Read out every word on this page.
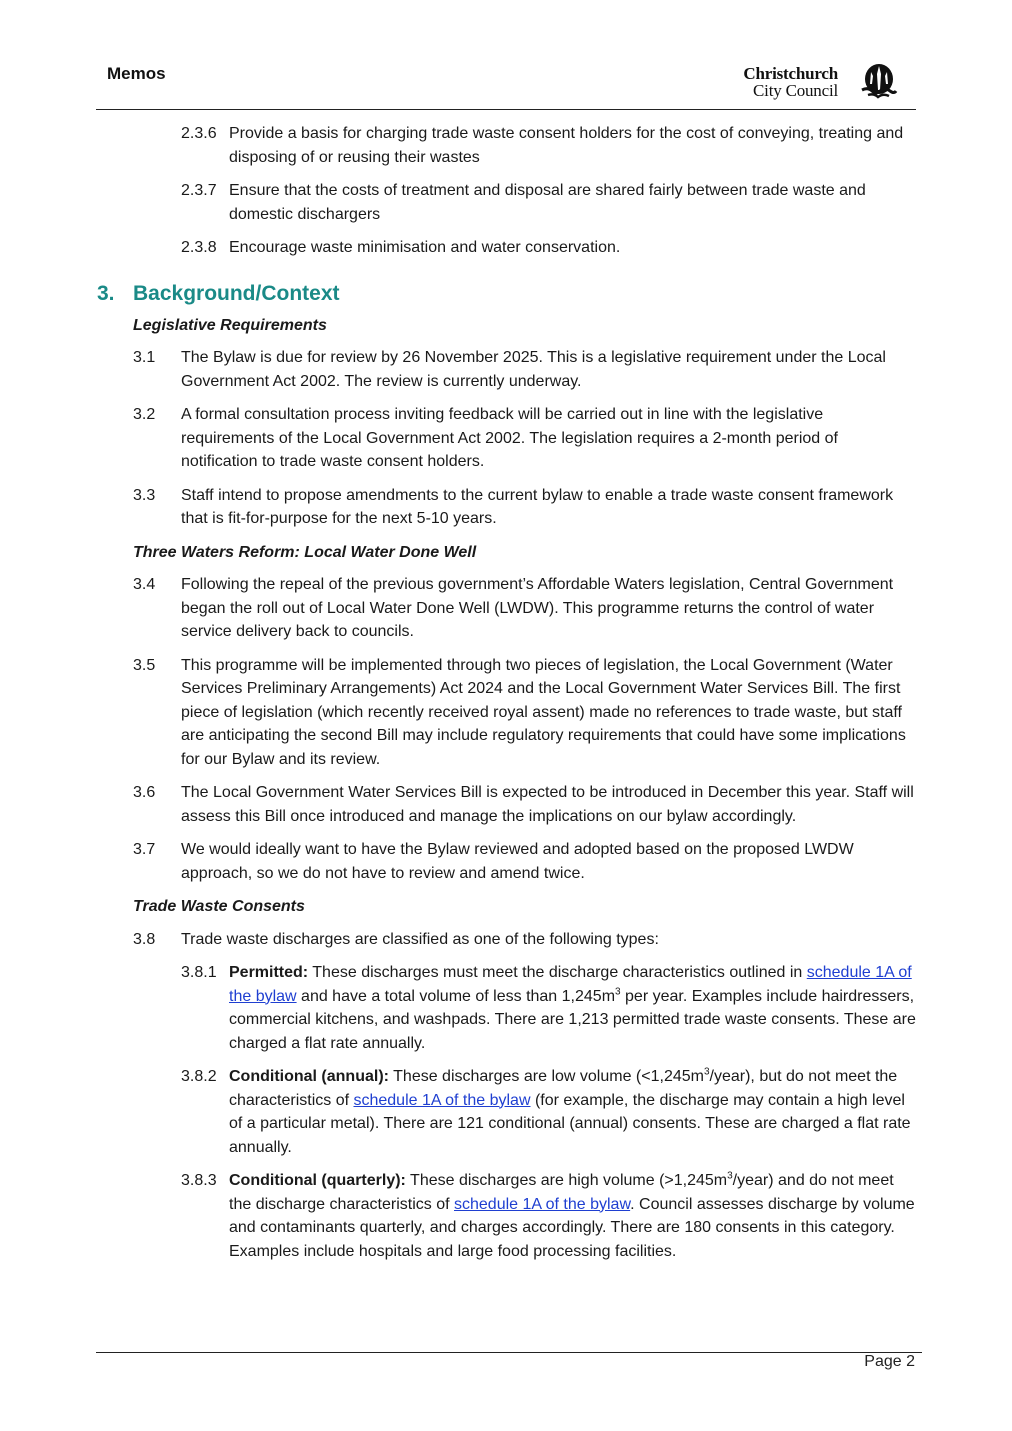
Memos	Christchurch
City Council
2.3.6 Provide a basis for charging trade waste consent holders for the cost of conveying, treating and disposing of or reusing their wastes
2.3.7 Ensure that the costs of treatment and disposal are shared fairly between trade waste and domestic dischargers
2.3.8 Encourage waste minimisation and water conservation.
3. Background/Context
Legislative Requirements
3.1 The Bylaw is due for review by 26 November 2025. This is a legislative requirement under the Local Government Act 2002. The review is currently underway.
3.2 A formal consultation process inviting feedback will be carried out in line with the legislative requirements of the Local Government Act 2002. The legislation requires a 2-month period of notification to trade waste consent holders.
3.3 Staff intend to propose amendments to the current bylaw to enable a trade waste consent framework that is fit-for-purpose for the next 5-10 years.
Three Waters Reform: Local Water Done Well
3.4 Following the repeal of the previous government’s Affordable Waters legislation, Central Government began the roll out of Local Water Done Well (LWDW). This programme returns the control of water service delivery back to councils.
3.5 This programme will be implemented through two pieces of legislation, the Local Government (Water Services Preliminary Arrangements) Act 2024 and the Local Government Water Services Bill. The first piece of legislation (which recently received royal assent) made no references to trade waste, but staff are anticipating the second Bill may include regulatory requirements that could have some implications for our Bylaw and its review.
3.6 The Local Government Water Services Bill is expected to be introduced in December this year. Staff will assess this Bill once introduced and manage the implications on our bylaw accordingly.
3.7 We would ideally want to have the Bylaw reviewed and adopted based on the proposed LWDW approach, so we do not have to review and amend twice.
Trade Waste Consents
3.8 Trade waste discharges are classified as one of the following types:
3.8.1 Permitted: These discharges must meet the discharge characteristics outlined in schedule 1A of the bylaw and have a total volume of less than $1,245m^3$ per year. Examples include hairdressers, commercial kitchens, and washpads. There are 1,213 permitted trade waste consents. These are charged a flat rate annually.
3.8.2 Conditional (annual): These discharges are low volume $(<1,245m^3/year)$, but do not meet the characteristics of schedule 1A of the bylaw (for example, the discharge may contain a high level of a particular metal). There are 121 conditional (annual) consents. These are charged a flat rate annually.
3.8.3 Conditional (quarterly): These discharges are high volume $(>1,245m^3/year)$ and do not meet the discharge characteristics of schedule 1A of the bylaw. Council assesses discharge by volume and contaminants quarterly, and charges accordingly. There are 180 consents in this category. Examples include hospitals and large food processing facilities.
Page 2
